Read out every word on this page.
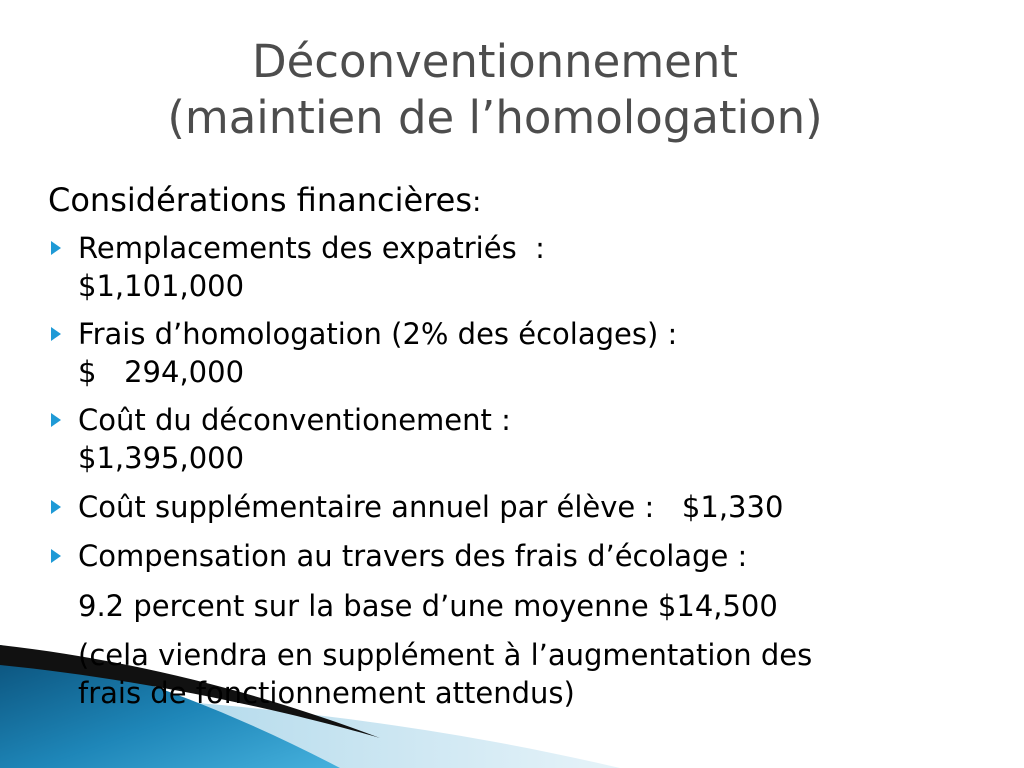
Déconventionnement
(maintien de l’homologation)
Considérations financières:
Remplacements des expatriés  :
$1,101,000
Frais d’homologation (2% des écolages) :
$   294,000
Coût du déconventionement :
$1,395,000
Coût supplémentaire annuel par élève :   $1,330
Compensation au travers des frais d’écolage :
9.2 percent sur la base d’une moyenne $14,500
(cela viendra en supplément à l’augmentation des
frais de fonctionnement attendus)
